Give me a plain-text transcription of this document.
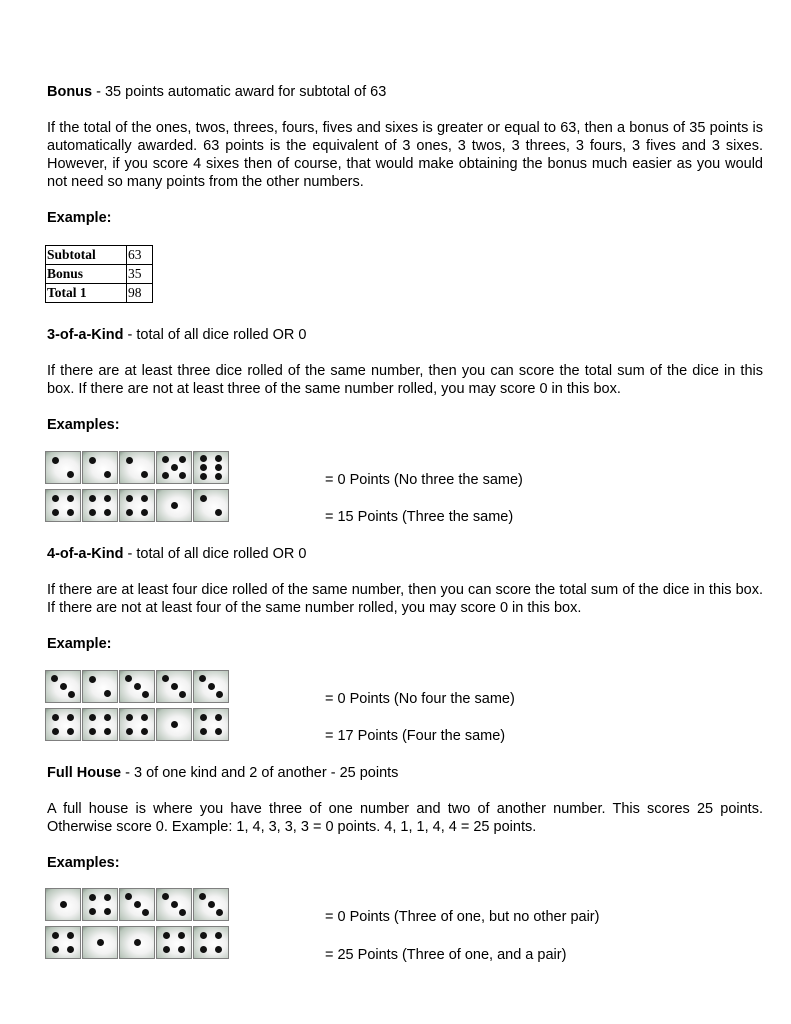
Bonus - 35 points automatic award for subtotal of 63
If the total of the ones, twos, threes, fours, fives and sixes is greater or equal to 63, then a bonus of 35 points is automatically awarded. 63 points is the equivalent of 3 ones, 3 twos, 3 threes, 3 fours, 3 fives and 3 sixes. However, if you score 4 sixes then of course, that would make obtaining the bonus much easier as you would not need so many points from the other numbers.
Example:
Subtotal	63
Bonus	35
Total 1	98
3-of-a-Kind - total of all dice rolled OR 0
If there are at least three dice rolled of the same number, then you can score the total sum of the dice in this box. If there are not at least three of the same number rolled, you may score 0 in this box.
Examples:
= 0 Points (No three the same)
= 15 Points (Three the same)
4-of-a-Kind - total of all dice rolled OR 0
If there are at least four dice rolled of the same number, then you can score the total sum of the dice in this box. If there are not at least four of the same number rolled, you may score 0 in this box.
Example:
= 0 Points (No four the same)
= 17 Points (Four the same)
Full House - 3 of one kind and 2 of another - 25 points
A full house is where you have three of one number and two of another number. This scores 25 points. Otherwise score 0. Example: 1, 4, 3, 3, 3 = 0 points. 4, 1, 1, 4, 4 = 25 points.
Examples:
= 0 Points (Three of one, but no other pair)
= 25 Points (Three of one, and a pair)
